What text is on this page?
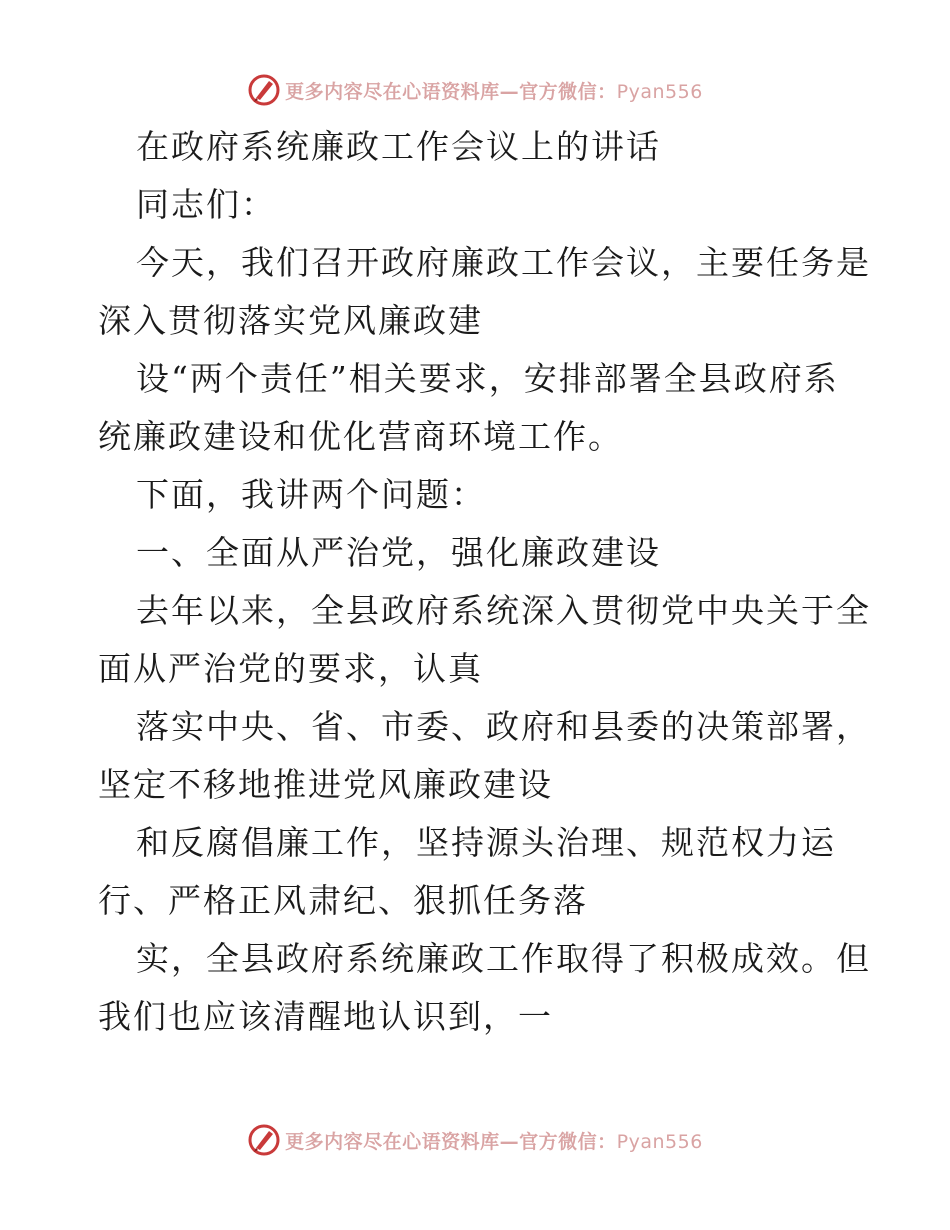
更多内容尽在心语资料库—官方微信：Pyan556
在政府系统廉政工作会议上的讲话
同志们：
今天，我们召开政府廉政工作会议，主要任务是
深入贯彻落实党风廉政建
设“两个责任”相关要求，安排部署全县政府系
统廉政建设和优化营商环境工作。
下面，我讲两个问题：
一、全面从严治党，强化廉政建设
去年以来，全县政府系统深入贯彻党中央关于全
面从严治党的要求，认真
落实中央、省、市委、政府和县委的决策部署，
坚定不移地推进党风廉政建设
和反腐倡廉工作，坚持源头治理、规范权力运
行、严格正风肃纪、狠抓任务落
实，全县政府系统廉政工作取得了积极成效。但
我们也应该清醒地认识到，一
更多内容尽在心语资料库—官方微信：Pyan556
